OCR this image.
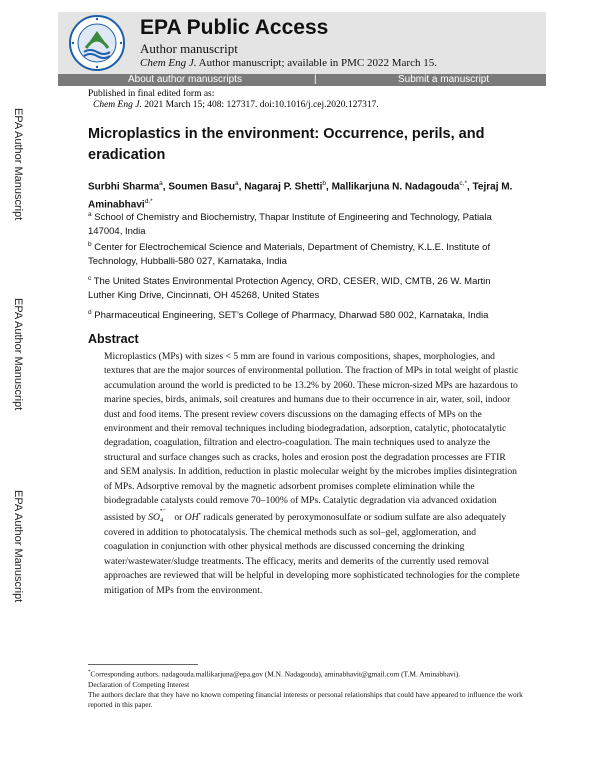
EPA Public Access
Author manuscript
Chem Eng J. Author manuscript; available in PMC 2022 March 15.
About author manuscripts	|	Submit a manuscript
Published in final edited form as:
Chem Eng J. 2021 March 15; 408: 127317. doi:10.1016/j.cej.2020.127317.
EPA Author Manuscript
EPA Author Manuscript
EPA Author Manuscript
Microplastics in the environment: Occurrence, perils, and eradication
Surbhi Sharma$^a$, Soumen Basu$^a$, Nagaraj P. Shetti$^b$, Mallikarjuna N. Nadagouda$^{c,*}$, Tejraj M. Aminabhavi$^{d,*}$
$^a$ School of Chemistry and Biochemistry, Thapar Institute of Engineering and Technology, Patiala 147004, India
$^b$ Center for Electrochemical Science and Materials, Department of Chemistry, K.L.E. Institute of Technology, Hubballi-580 027, Karnataka, India
$^c$ The United States Environmental Protection Agency, ORD, CESER, WID, CMTB, 26 W. Martin Luther King Drive, Cincinnati, OH 45268, United States
$^d$ Pharmaceutical Engineering, SET’s College of Pharmacy, Dharwad 580 002, Karnataka, India
Abstract

Microplastics (MPs) with sizes < 5 mm are found in various compositions, shapes, morphologies, and textures that are the major sources of environmental pollution. The fraction of MPs in total weight of plastic accumulation around the world is predicted to be 13.2% by 2060. These micron-sized MPs are hazardous to marine species, birds, animals, soil creatures and humans due to their occurrence in air, water, soil, indoor dust and food items. The present review covers discussions on the damaging effects of MPs on the environment and their removal techniques including biodegradation, adsorption, catalytic, photocatalytic degradation, coagulation, filtration and electro-coagulation. The main techniques used to analyze the structural and surface changes such as cracks, holes and erosion post the degradation processes are FTIR and SEM analysis. In addition, reduction in plastic molecular weight by the microbes implies disintegration of MPs. Adsorptive removal by the magnetic adsorbent promises complete elimination while the biodegradable catalysts could remove 70–100% of MPs. Catalytic degradation via advanced oxidation assisted by SO
•−
4 or OH• radicals generated by peroxymonosulfate or sodium sulfate are also adequately covered in addition to photocatalysis. The chemical methods such as sol–gel, agglomeration, and coagulation in conjunction with other physical methods are discussed concerning the drinking water/wastewater/sludge treatments. The efficacy, merits and demerits of the currently used removal approaches are reviewed that will be helpful in developing more sophisticated technologies for the complete mitigation of MPs from the environment.

*Corresponding authors. nadagouda.mallikarjuna@epa.gov (M.N. Nadagouda), aminabhavit@gmail.com (T.M. Aminabhavi).
Declaration of Competing Interest
The authors declare that they have no known competing financial interests or personal relationships that could have appeared to influence the work reported in this paper.
